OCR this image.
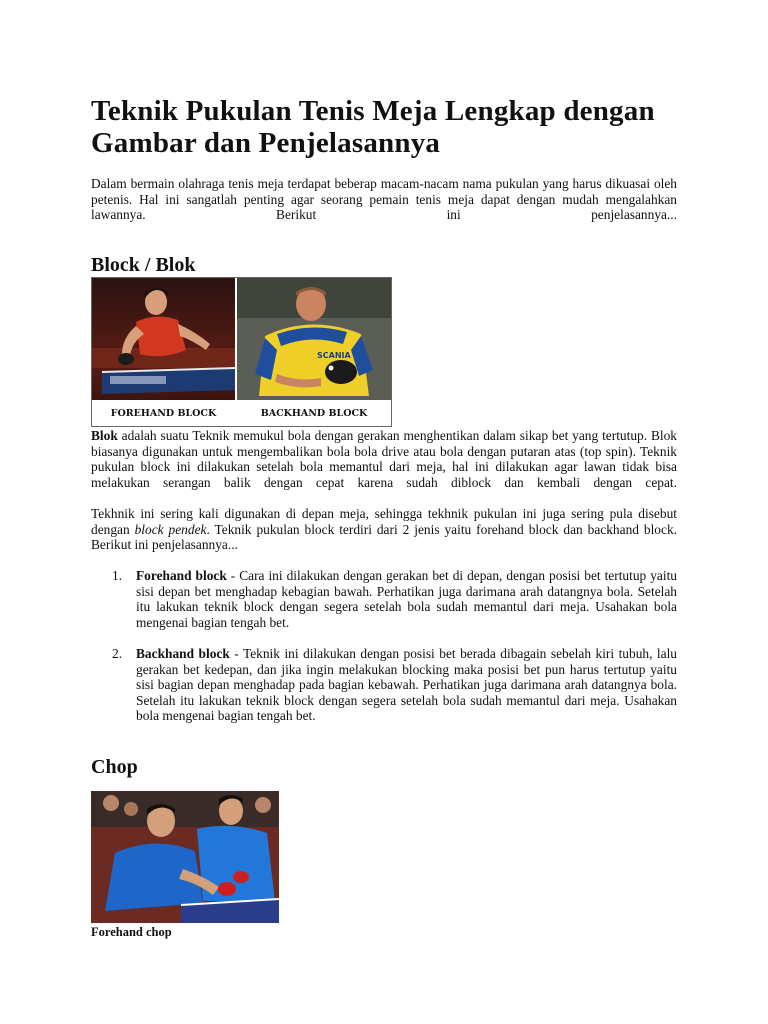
Teknik Pukulan Tenis Meja Lengkap dengan Gambar dan Penjelasannya

Dalam bermain olahraga tenis meja terdapat beberap macam-nacam nama pukulan yang harus dikuasai oleh petenis. Hal ini sangatlah penting agar seorang pemain tenis meja dapat dengan mudah mengalahkan lawannya. Berikut ini penjelasannya...

Block / Blok
FOREHAND BLOCK
SCANIA
BACKHAND BLOCK

Blok adalah suatu Teknik memukul bola dengan gerakan menghentikan dalam sikap bet yang tertutup. Blok biasanya digunakan untuk mengembalikan bola bola drive atau bola dengan putaran atas (top spin). Teknik pukulan block ini dilakukan setelah bola memantul dari meja, hal ini dilakukan agar lawan tidak bisa melakukan serangan balik dengan cepat karena sudah diblock dan kembali dengan cepat.

Tekhnik ini sering kali digunakan di depan meja, sehingga tekhnik pukulan ini juga sering pula disebut dengan block pendek. Teknik pukulan block terdiri dari 2 jenis yaitu forehand block dan backhand block. Berikut ini penjelasannya...

1. Forehand block - Cara ini dilakukan dengan gerakan bet di depan, dengan posisi bet tertutup yaitu sisi depan bet menghadap kebagian bawah. Perhatikan juga darimana arah datangnya bola. Setelah itu lakukan teknik block dengan segera setelah bola sudah memantul dari meja. Usahakan bola mengenai bagian tengah bet.

2. Backhand block - Teknik ini dilakukan dengan posisi bet berada dibagain sebelah kiri tubuh, lalu gerakan bet kedepan, dan jika ingin melakukan blocking maka posisi bet pun harus tertutup yaitu sisi bagian depan menghadap pada bagian kebawah. Perhatikan juga darimana arah datangnya bola. Setelah itu lakukan teknik block dengan segera setelah bola sudah memantul dari meja. Usahakan bola mengenai bagian tengah bet.

Chop

Forehand chop
